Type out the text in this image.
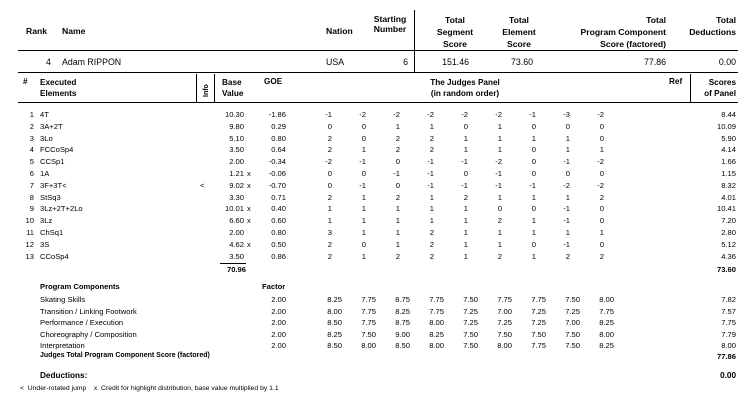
Rank Name	Nation
Starting
Number
Total
Segment
Score
Total
Element
Score
Total
Program Component
Score (factored)
Total
Deductions
4 Adam RIPPON	USA	6	151.46	73.60	77.86	0.00
# Executed
Elements	Info
Base
Value
GOE	The Judges Panel
(in random order)
Ref	Scores
of Panel
1 4T	10.30	-1.86	-1	-2	-2	-2	-2	-2	-1	-3	-2	8.44
2 3A+2T	9.80	0.29	0	0	1	1	0	1	0	0	0	10.09
3 3Lo	5.10	0.80	2	0	2	2	1	1	1	1	0	5.90
4 FCCoSp4	3.50	0.64	2	1	2	2	1	1	0	1	1	4.14
5 CCSp1	2.00	-0.34	-2	-1	0	-1	-1	-2	0	-1	-2	1.66
6 1A	1.21 x	-0.06	0	0	-1	-1	0	-1	0	0	0	1.15
7 3F+3T<	<	9.02 x	-0.70	0	-1	0	-1	-1	-1	-1	-2	-2	8.32
8 StSq3	3.30	0.71	2	1	2	1	2	1	1	1	2	4.01
9 3Lz+2T+2Lo	10.01 x	0.40	1	1	1	1	1	0	0	-1	0	10.41
10 3Lz	6.60 x	0.60	1	1	1	1	1	2	1	-1	0	7.20
11 ChSq1	2.00	0.80	3	1	1	2	1	1	1	1	1	2.80
12 3S	4.62 x	0.50	2	0	1	2	1	1	0	-1	0	5.12
13 CCoSp4	3.50	0.86	2	1	2	2	1	2	1	2	2	4.36
70.96	73.60
Program Components	Factor
Skating Skills	2.00	8.25	7.75	8.75	7.75	7.50	7.75	7.75	7.50	8.00	7.82
Transition / Linking Footwork	2.00	8.00	7.75	8.25	7.75	7.25	7.00	7.25	7.25	7.75	7.57
Performance / Execution	2.00	8.50	7.75	8.75	8.00	7.25	7.25	7.25	7.00	8.25	7.75
Choreography / Composition	2.00	8.25	7.50	9.00	8.25	7.50	7.50	7.50	7.50	8.00	7.79
Interpretation	2.00	8.50	8.00	8.50	8.00	7.50	8.00	7.75	7.50	8.25	8.00
Judges Total Program Component Score (factored)	77.86
Deductions:	0.00
<  Under-rotated jump    x  Credit for highlight distribution, base value multiplied by 1.1
